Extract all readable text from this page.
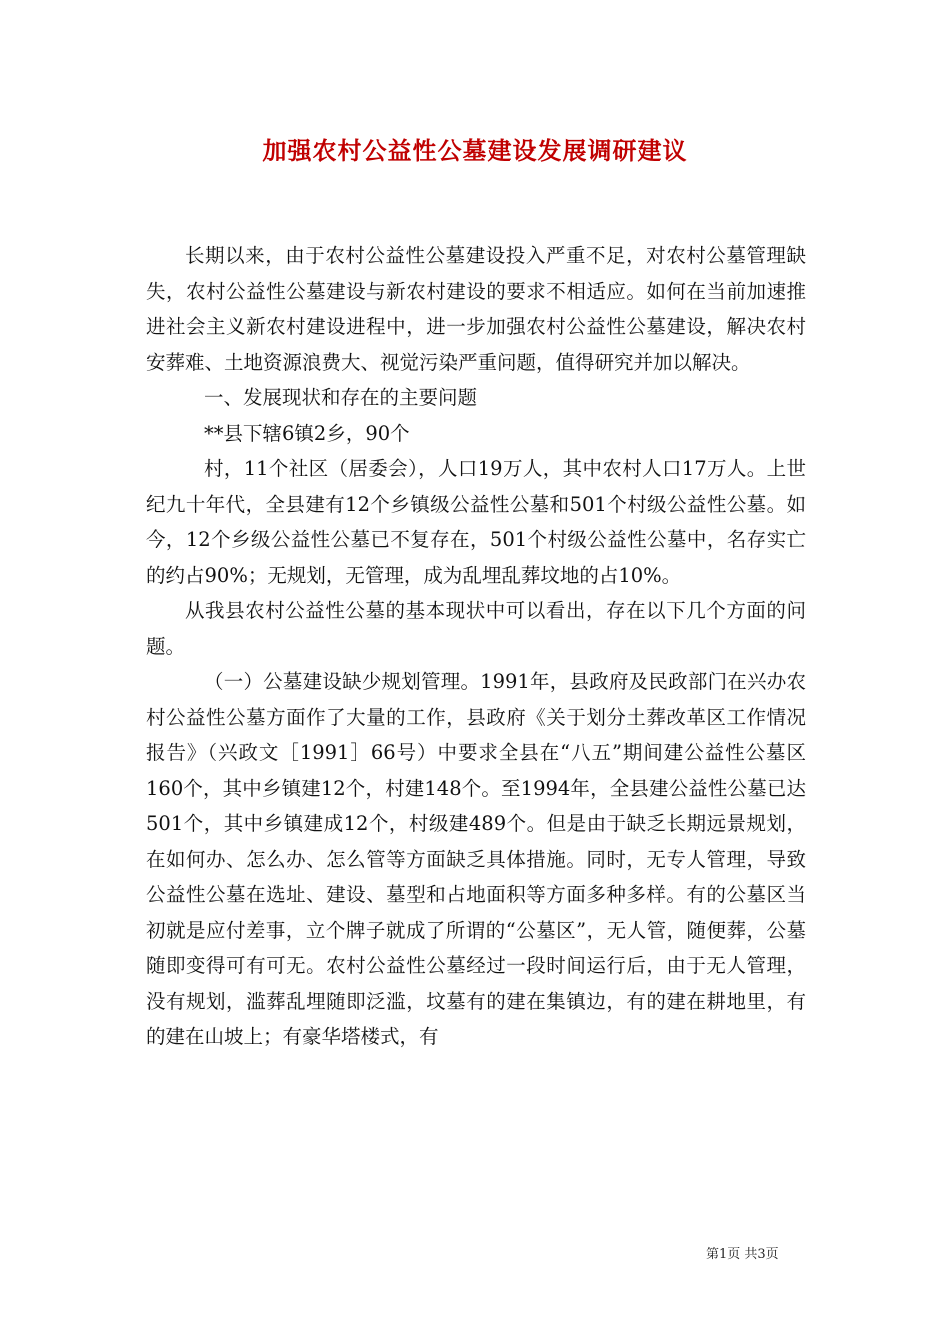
加强农村公益性公墓建设发展调研建议

长期以来，由于农村公益性公墓建设投入严重不足，对农村公墓管理缺失，农村公益性公墓建设与新农村建设的要求不相适应。如何在当前加速推进社会主义新农村建设进程中，进一步加强农村公益性公墓建设，解决农村安葬难、土地资源浪费大、视觉污染严重问题，值得研究并加以解决。

一、发展现状和存在的主要问题

**县下辖6镇2乡，90个

村，11个社区（居委会），人口19万人，其中农村人口17万人。上世纪九十年代，全县建有12个乡镇级公益性公墓和501个村级公益性公墓。如今，12个乡级公益性公墓已不复存在，501个村级公益性公墓中，名存实亡的约占90%；无规划，无管理，成为乱埋乱葬坟地的占10%。

从我县农村公益性公墓的基本现状中可以看出，存在以下几个方面的问题。

（一）公墓建设缺少规划管理。1991年，县政府及民政部门在兴办农村公益性公墓方面作了大量的工作，县政府《关于划分土葬改革区工作情况报告》（兴政文［1991］66号）中要求全县在“八五”期间建公益性公墓区160个，其中乡镇建12个，村建148个。至1994年，全县建公益性公墓已达501个，其中乡镇建成12个，村级建489个。但是由于缺乏长期远景规划，在如何办、怎么办、怎么管等方面缺乏具体措施。同时，无专人管理，导致公益性公墓在选址、建设、墓型和占地面积等方面多种多样。有的公墓区当初就是应付差事，立个牌子就成了所谓的“公墓区”，无人管，随便葬，公墓随即变得可有可无。农村公益性公墓经过一段时间运行后，由于无人管理，没有规划，滥葬乱埋随即泛滥，坟墓有的建在集镇边，有的建在耕地里，有的建在山坡上；有豪华塔楼式，有

第1页 共3页
